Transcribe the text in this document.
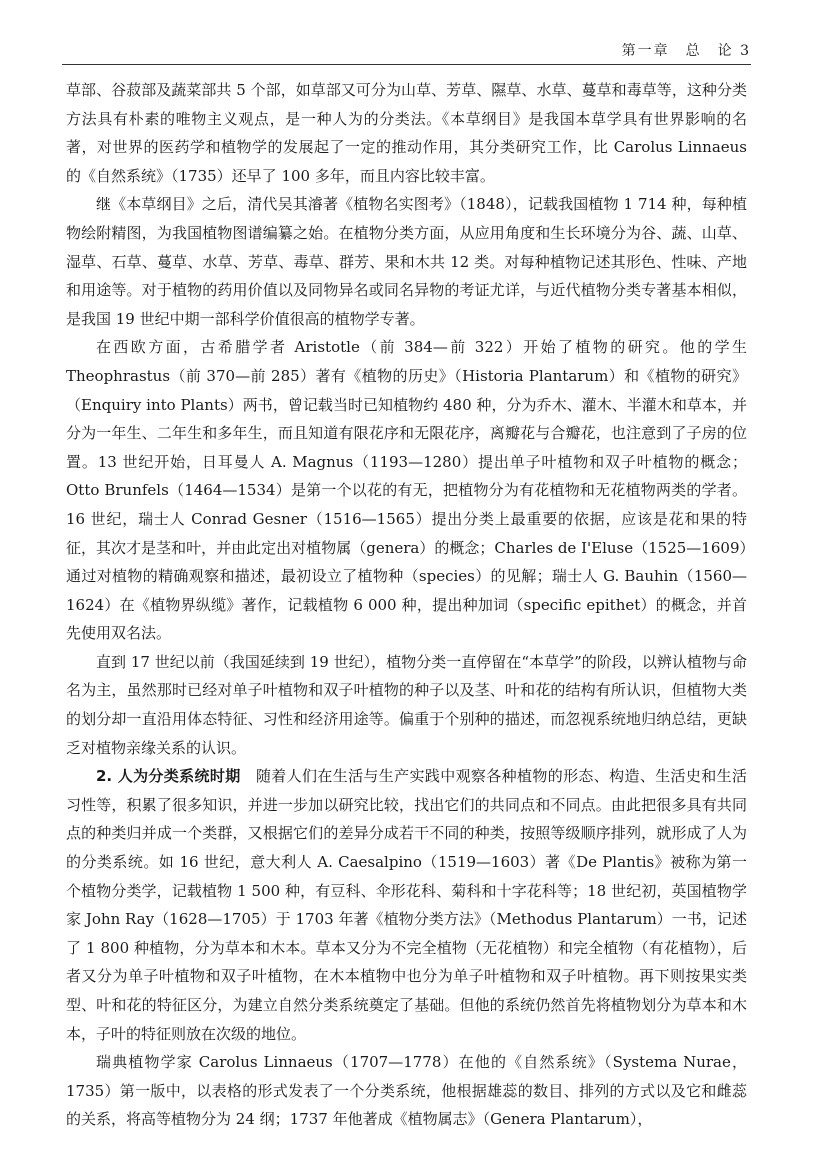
第一章　总　论 3

草部、谷菽部及蔬菜部共 5 个部，如草部又可分为山草、芳草、隰草、水草、蔓草和毒草等，这种分类方法具有朴素的唯物主义观点，是一种人为的分类法。《本草纲目》是我国本草学具有世界影响的名著，对世界的医药学和植物学的发展起了一定的推动作用，其分类研究工作，比 Carolus Linnaeus 的《自然系统》（1735）还早了 100 多年，而且内容比较丰富。

继《本草纲目》之后，清代吴其濬著《植物名实图考》（1848），记载我国植物 1 714 种，每种植物绘附精图，为我国植物图谱编纂之始。在植物分类方面，从应用角度和生长环境分为谷、蔬、山草、湿草、石草、蔓草、水草、芳草、毒草、群芳、果和木共 12 类。对每种植物记述其形色、性味、产地和用途等。对于植物的药用价值以及同物异名或同名异物的考证尤详，与近代植物分类专著基本相似，是我国 19 世纪中期一部科学价值很高的植物学专著。

在西欧方面，古希腊学者 Aristotle（前 384—前 322）开始了植物的研究。他的学生 Theophrastus（前 370—前 285）著有《植物的历史》（Historia Plantarum）和《植物的研究》（Enquiry into Plants）两书，曾记载当时已知植物约 480 种，分为乔木、灌木、半灌木和草本，并分为一年生、二年生和多年生，而且知道有限花序和无限花序，离瓣花与合瓣花，也注意到了子房的位置。13 世纪开始，日耳曼人 A. Magnus（1193—1280）提出单子叶植物和双子叶植物的概念；Otto Brunfels（1464—1534）是第一个以花的有无，把植物分为有花植物和无花植物两类的学者。16 世纪，瑞士人 Conrad Gesner（1516—1565）提出分类上最重要的依据，应该是花和果的特征，其次才是茎和叶，并由此定出对植物属（genera）的概念；Charles de I'Eluse（1525—1609）通过对植物的精确观察和描述，最初设立了植物种（species）的见解；瑞士人 G. Bauhin（1560—1624）在《植物界纵缆》著作，记载植物 6 000 种，提出种加词（specific epithet）的概念，并首先使用双名法。

直到 17 世纪以前（我国延续到 19 世纪），植物分类一直停留在“本草学”的阶段，以辨认植物与命名为主，虽然那时已经对单子叶植物和双子叶植物的种子以及茎、叶和花的结构有所认识，但植物大类的划分却一直沿用体态特征、习性和经济用途等。偏重于个别种的描述，而忽视系统地归纳总结，更缺乏对植物亲缘关系的认识。

2. 人为分类系统时期　 随着人们在生活与生产实践中观察各种植物的形态、构造、生活史和生活习性等，积累了很多知识，并进一步加以研究比较，找出它们的共同点和不同点。由此把很多具有共同点的种类归并成一个类群，又根据它们的差异分成若干不同的种类，按照等级顺序排列，就形成了人为的分类系统。如 16 世纪，意大利人 A. Caesalpino（1519—1603）著《De Plantis》被称为第一个植物分类学，记载植物 1 500 种，有豆科、伞形花科、菊科和十字花科等；18 世纪初，英国植物学家 John Ray（1628—1705）于 1703 年著《植物分类方法》（Methodus Plantarum）一书，记述了 1 800 种植物，分为草本和木本。草本又分为不完全植物（无花植物）和完全植物（有花植物），后者又分为单子叶植物和双子叶植物，在木本植物中也分为单子叶植物和双子叶植物。再下则按果实类型、叶和花的特征区分，为建立自然分类系统奠定了基础。但他的系统仍然首先将植物划分为草本和木本，子叶的特征则放在次级的地位。

瑞典植物学家 Carolus Linnaeus（1707—1778）在他的《自然系统》（Systema Nurae，1735）第一版中，以表格的形式发表了一个分类系统，他根据雄蕊的数目、排列的方式以及它和雌蕊的关系，将高等植物分为 24 纲；1737 年他著成《植物属志》（Genera Plantarum），
